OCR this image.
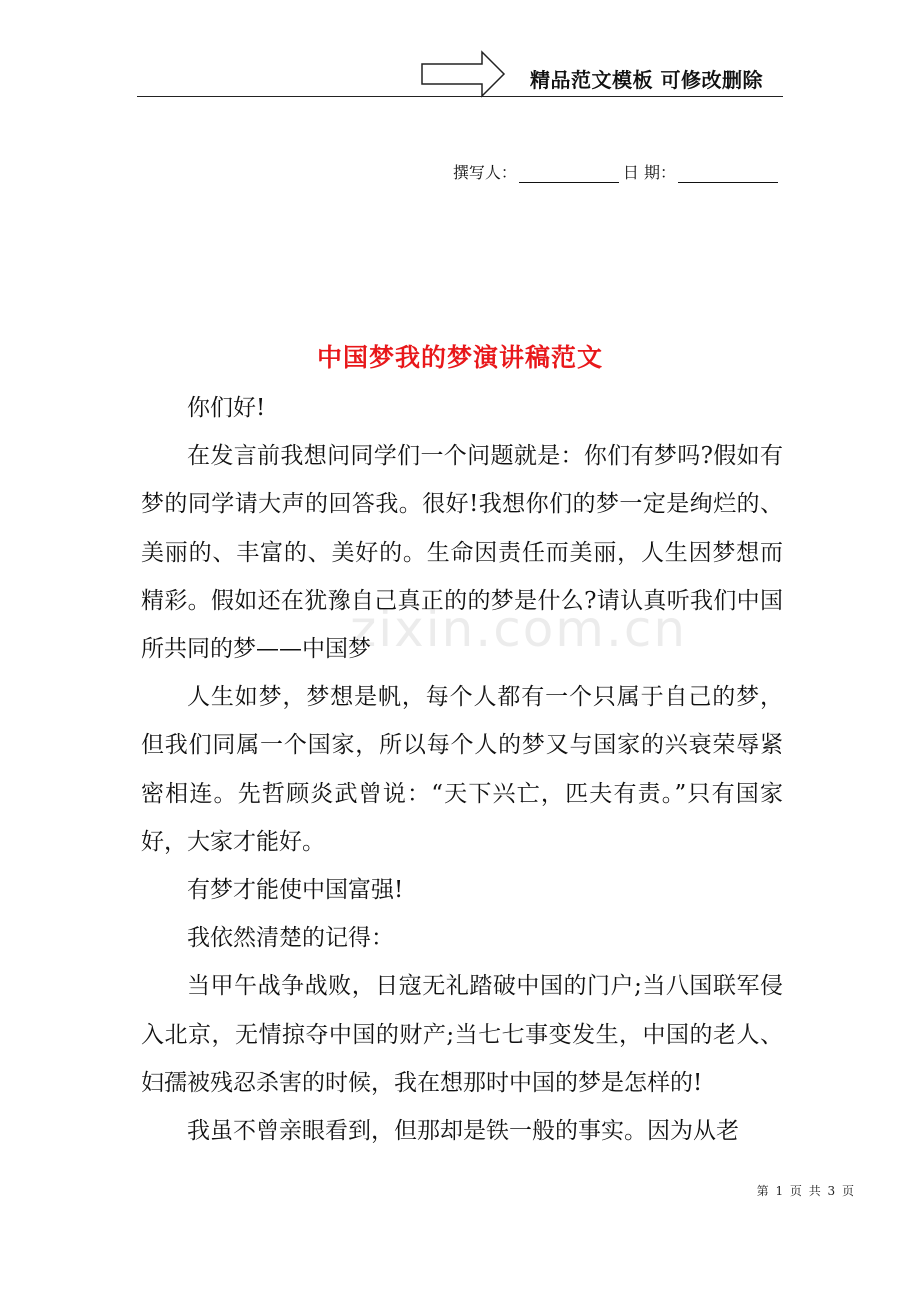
精品范文模板 可修改删除
撰写人：	日 期：
中国梦我的梦演讲稿范文
zixin.com.cn

你们好!

在发言前我想问同学们一个问题就是：你们有梦吗?假如有梦的同学请大声的回答我。很好!我想你们的梦一定是绚烂的、美丽的、丰富的、美好的。生命因责任而美丽，人生因梦想而精彩。假如还在犹豫自己真正的的梦是什么?请认真听我们中国所共同的梦——中国梦

人生如梦，梦想是帆，每个人都有一个只属于自己的梦，但我们同属一个国家，所以每个人的梦又与国家的兴衰荣辱紧密相连。先哲顾炎武曾说：“天下兴亡，匹夫有责。”只有国家好，大家才能好。

有梦才能使中国富强!

我依然清楚的记得：

当甲午战争战败，日寇无礼踏破中国的门户;当八国联军侵入北京，无情掠夺中国的财产;当七七事变发生，中国的老人、妇孺被残忍杀害的时候，我在想那时中国的梦是怎样的!

我虽不曾亲眼看到，但那却是铁一般的事实。因为从老

第 1 页 共 3 页
